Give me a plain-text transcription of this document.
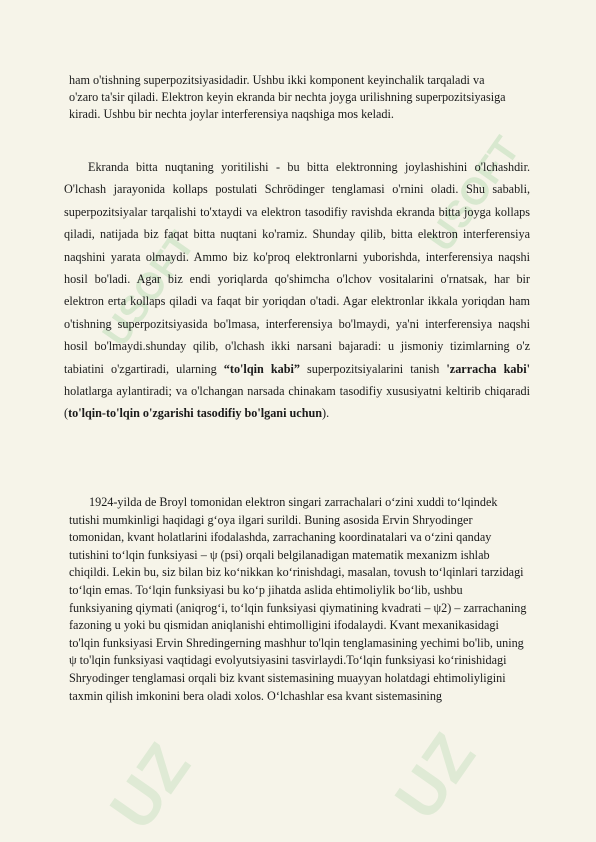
USOFT
USOFT
UZ	UZ

ham o'tishning superpozitsiyasidadir. Ushbu ikki komponent keyinchalik tarqaladi va o'zaro ta'sir qiladi. Elektron keyin ekranda bir nechta joyga urilishning superpozitsiyasiga kiradi. Ushbu bir nechta joylar interferensiya naqshiga mos keladi.

Ekranda bitta nuqtaning yoritilishi - bu bitta elektronning joylashishini o'lchashdir. O'lchash jarayonida kollaps postulati Schrödinger tenglamasi o'rnini oladi. Shu sababli, superpozitsiyalar tarqalishi to'xtaydi va elektron tasodifiy ravishda ekranda bitta joyga kollaps qiladi, natijada biz faqat bitta nuqtani ko'ramiz. Shunday qilib, bitta elektron interferensiya naqshini yarata olmaydi. Ammo biz ko'proq elektronlarni yuborishda, interferensiya naqshi hosil bo'ladi. Agar biz endi yoriqlarda qo'shimcha o'lchov vositalarini o'rnatsak, har bir elektron erta kollaps qiladi va faqat bir yoriqdan o'tadi. Agar elektronlar ikkala yoriqdan ham o'tishning superpozitsiyasida bo'lmasa, interferensiya bo'lmaydi, ya'ni interferensiya naqshi hosil bo'lmaydi.shunday qilib, o'lchash ikki narsani bajaradi: u jismoniy tizimlarning o'z tabiatini o'zgartiradi, ularning “to'lqin kabi” superpozitsiyalarini tanish 'zarracha kabi' holatlarga aylantiradi; va o'lchangan narsada chinakam tasodifiy xususiyatni keltirib chiqaradi (to'lqin-to'lqin o'zgarishi tasodifiy bo'lgani uchun).

1924-yilda de Broyl tomonidan elektron singari zarrachalari o‘zini xuddi to‘lqindek tutishi mumkinligi haqidagi g‘oya ilgari surildi. Buning asosida Ervin Shryodinger tomonidan, kvant holatlarini ifodalashda, zarrachaning koordinatalari va o‘zini qanday tutishini to‘lqin funksiyasi – ψ (psi) orqali belgilanadigan matematik mexanizm ishlab chiqildi. Lekin bu, siz bilan biz ko‘nikkan ko‘rinishdagi, masalan, tovush to‘lqinlari tarzidagi to‘lqin emas. To‘lqin funksiyasi bu ko‘p jihatda aslida ehtimoliylik bo‘lib, ushbu funksiyaning qiymati (aniqrog‘i, to‘lqin funksiyasi qiymatining kvadrati – ψ2) – zarrachaning fazoning u yoki bu qismidan aniqlanishi ehtimolligini ifodalaydi. Kvant mexanikasidagi to'lqin funksiyasi Ervin Shredingerning mashhur to'lqin tenglamasining yechimi bo'lib, uning ψ to'lqin funksiyasi vaqtidagi evolyutsiyasini tasvirlaydi.To‘lqin funksiyasi ko‘rinishidagi Shryodinger tenglamasi orqali biz kvant sistemasining muayyan holatdagi ehtimoliyligini taxmin qilish imkonini bera oladi xolos. O‘lchashlar esa kvant sistemasining
